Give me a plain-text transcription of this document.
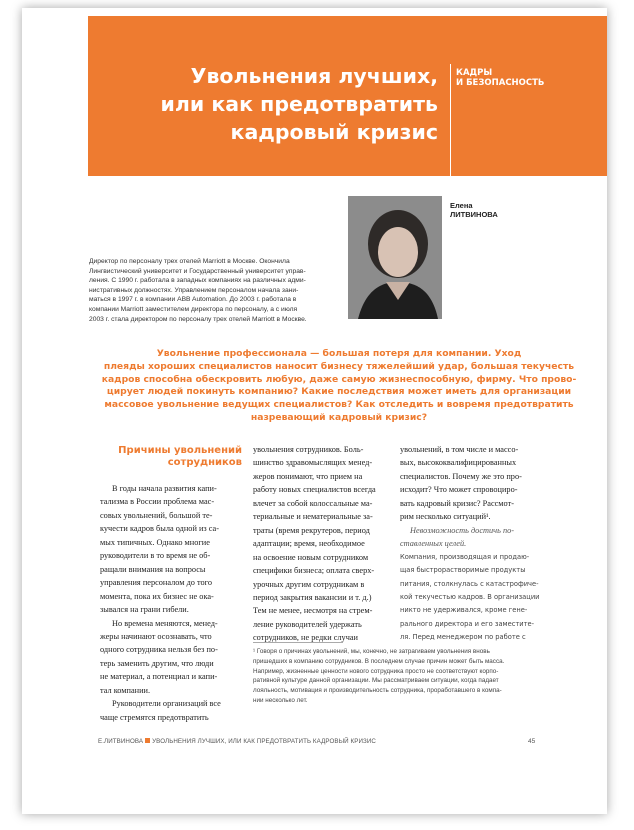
Увольнения лучших,
или как предотвратить
кадровый кризис
КАДРЫ
И БЕЗОПАСНОСТЬ
Елена
ЛИТВИНОВА
Директор по персоналу трех отелей Marriott в Москве. Окончила
Лингвистический университет и Государственный университет управ-
ления. С 1990 г. работала в западных компаниях на различных адми-
нистративных должностях. Управлением персоналом начала зани-
маться в 1997 г. в компании ABB Automation. До 2003 г. работала в
компании Marriott заместителем директора по персоналу, а с июля
2003 г. стала директором по персоналу трех отелей Marriott в Москве.
Увольнение профессионала — большая потеря для компании. Уход
плеяды хороших специалистов наносит бизнесу тяжелейший удар, большая текучесть
кадров способна обескровить любую, даже самую жизнеспособную, фирму. Что прово-
цирует людей покинуть компанию? Какие последствия может иметь для организации
массовое увольнение ведущих специалистов? Как отследить и вовремя предотвратить
назревающий кадровый кризис?
Причины увольнений
сотрудников
В годы начала развития капи-
тализма в России проблема мас-
совых увольнений, большой те-
кучести кадров была одной из са-
мых типичных. Однако многие
руководители в то время не об-
ращали внимания на вопросы
управления персоналом до того
момента, пока их бизнес не ока-
зывался на грани гибели.
Но времена меняются, менед-
жеры начинают осознавать, что
одного сотрудника нельзя без по-
терь заменить другим, что люди
не материал, а потенциал и капи-
тал компании.
Руководители организаций все
чаще стремятся предотвратить
увольнения сотрудников. Боль-
шинство здравомыслящих менед-
жеров понимают, что прием на
работу новых специалистов всегда
влечет за собой колоссальные ма-
териальные и нематериальные за-
траты (время рекрутеров, период
адаптации; время, необходимое
на освоение новым сотрудником
специфики бизнеса; оплата сверх-
урочных другим сотрудникам в
период закрытия вакансии и т. д.)
Тем не менее, несмотря на стрем-
ление руководителей удержать
сотрудников, не редки случаи
увольнений, в том числе и массо-
вых, высококвалифицированных
специалистов. Почему же это про-
исходит? Что может спровоциро-
вать кадровый кризис? Рассмот-
рим несколько ситуаций¹.
Невозможность достичь по-
ставленных целей.
Компания, производящая и продаю-
щая быстрорастворимые продукты
питания, столкнулась с катастрофиче-
кой текучестью кадров. В организации
никто не удерживался, кроме гене-
рального директора и его заместите-
ля. Перед менеджером по работе с
¹ Говоря о причинах увольнений, мы, конечно, не затрагиваем увольнения вновь
пришедших в компанию сотрудников. В последнем случае причин может быть масса.
Например, жизненные ценности нового сотрудника просто не соответствуют корпо-
ративной культуре данной организации. Мы рассматриваем ситуации, когда падает
лояльность, мотивация и производительность сотрудника, проработавшего в компа-
нии несколько лет.
Е.ЛИТВИНОВА УВОЛЬНЕНИЯ ЛУЧШИХ, ИЛИ КАК ПРЕДОТВРАТИТЬ КАДРОВЫЙ КРИЗИС	45
